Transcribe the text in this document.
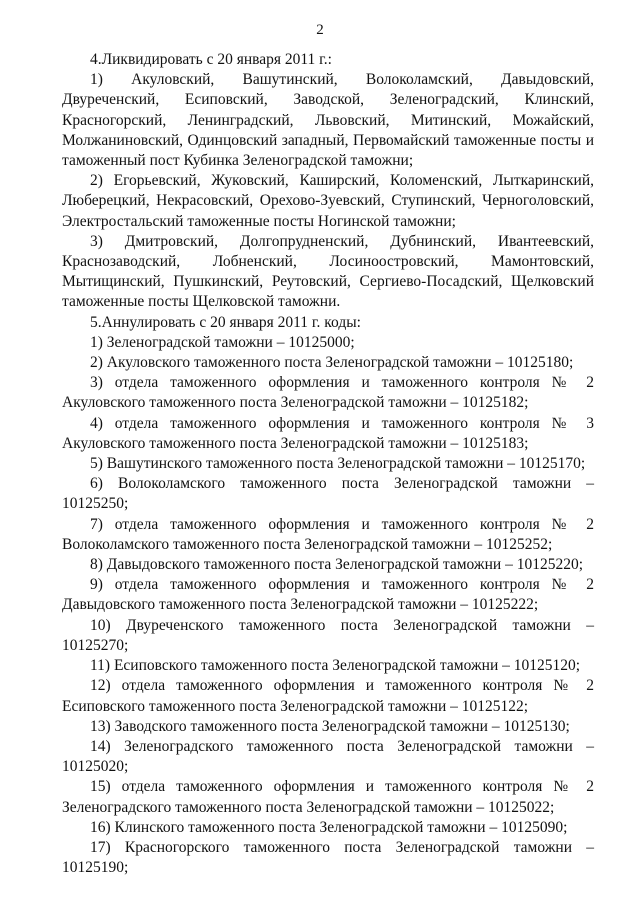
2

4.Ликвидировать с 20 января 2011 г.:

1) Акуловский, Вашутинский, Волоколамский, Давыдовский, Двуреченский, Есиповский, Заводской, Зеленоградский, Клинский, Красногорский, Ленинградский, Львовский, Митинский, Можайский, Молжаниновский, Одинцовский западный, Первомайский таможенные посты и таможенный пост Кубинка Зеленоградской таможни;

2) Егорьевский, Жуковский, Каширский, Коломенский, Лыткаринский, Люберецкий, Некрасовский, Орехово-Зуевский, Ступинский, Черноголовский, Электростальский таможенные посты Ногинской таможни;

3) Дмитровский, Долгопрудненский, Дубнинский, Ивантеевский, Краснозаводский, Лобненский, Лосиноостровский, Мамонтовский, Мытищинский, Пушкинский, Реутовский, Сергиево-Посадский, Щелковский таможенные посты Щелковской таможни.

5.Аннулировать с 20 января 2011 г. коды:

1) Зеленоградской таможни – 10125000;

2) Акуловского таможенного поста Зеленоградской таможни – 10125180;

3) отдела таможенного оформления и таможенного контроля № 2 Акуловского таможенного поста Зеленоградской таможни – 10125182;

4) отдела таможенного оформления и таможенного контроля № 3 Акуловского таможенного поста Зеленоградской таможни – 10125183;

5) Вашутинского таможенного поста Зеленоградской таможни – 10125170;

6) Волоколамского таможенного поста Зеленоградской таможни – 10125250;

7) отдела таможенного оформления и таможенного контроля № 2 Волоколамского таможенного поста Зеленоградской таможни – 10125252;

8) Давыдовского таможенного поста Зеленоградской таможни – 10125220;

9) отдела таможенного оформления и таможенного контроля № 2 Давыдовского таможенного поста Зеленоградской таможни – 10125222;

10) Двуреченского таможенного поста Зеленоградской таможни – 10125270;

11) Есиповского таможенного поста Зеленоградской таможни – 10125120;

12) отдела таможенного оформления и таможенного контроля № 2 Есиповского таможенного поста Зеленоградской таможни – 10125122;

13) Заводского таможенного поста Зеленоградской таможни – 10125130;

14) Зеленоградского таможенного поста Зеленоградской таможни – 10125020;

15) отдела таможенного оформления и таможенного контроля № 2 Зеленоградского таможенного поста Зеленоградской таможни – 10125022;

16) Клинского таможенного поста Зеленоградской таможни – 10125090;

17) Красногорского таможенного поста Зеленоградской таможни – 10125190;
